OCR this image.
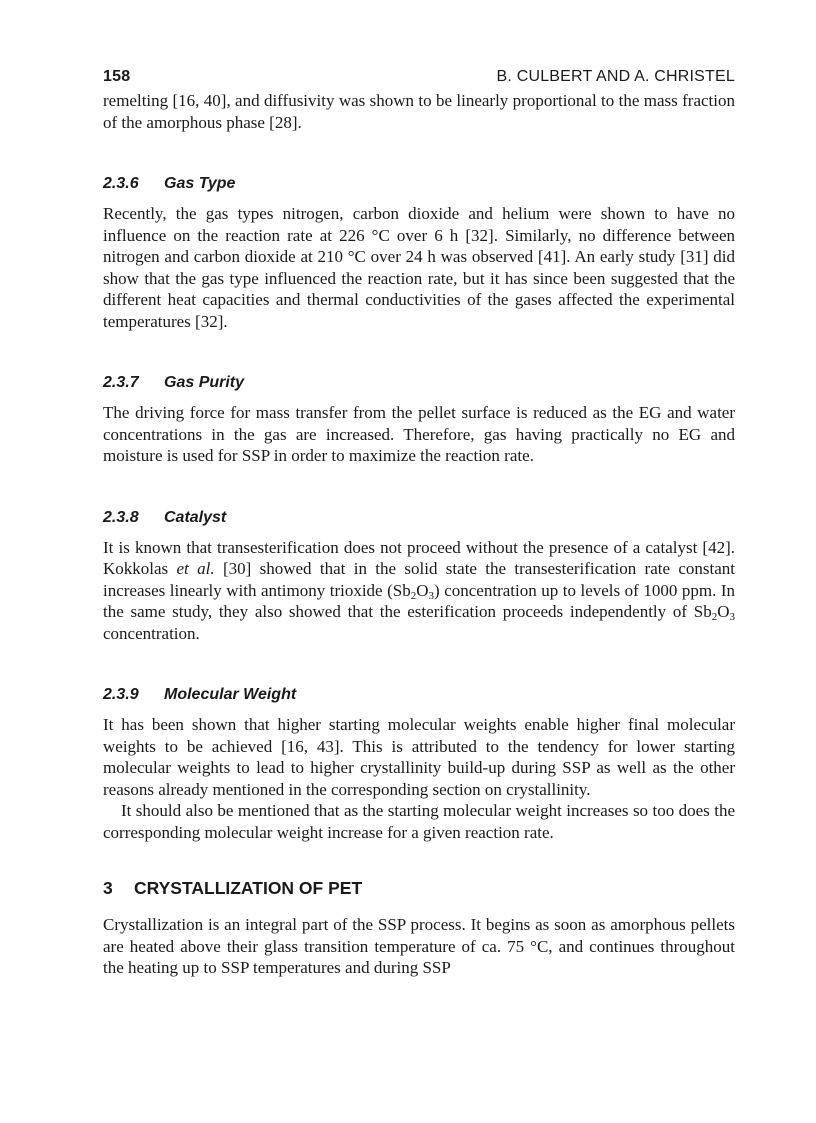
158	B. CULBERT AND A. CHRISTEL

remelting [16, 40], and diffusivity was shown to be linearly proportional to the mass fraction of the amorphous phase [28].

2.3.6 Gas Type

Recently, the gas types nitrogen, carbon dioxide and helium were shown to have no influence on the reaction rate at 226 °C over 6 h [32]. Similarly, no difference between nitrogen and carbon dioxide at 210 °C over 24 h was observed [41]. An early study [31] did show that the gas type influenced the reaction rate, but it has since been suggested that the different heat capacities and thermal conductivities of the gases affected the experimental temperatures [32].

2.3.7 Gas Purity

The driving force for mass transfer from the pellet surface is reduced as the EG and water concentrations in the gas are increased. Therefore, gas having practically no EG and moisture is used for SSP in order to maximize the reaction rate.

2.3.8 Catalyst

It is known that transesterification does not proceed without the presence of a catalyst [42]. Kokkolas et al. [30] showed that in the solid state the transesterification rate constant increases linearly with antimony trioxide $(Sb_2O_3)$ concentration up to levels of 1000 ppm. In the same study, they also showed that the esterification proceeds independently of $Sb_2O_3$ concentration.

2.3.9 Molecular Weight

It has been shown that higher starting molecular weights enable higher final molecular weights to be achieved [16, 43]. This is attributed to the tendency for lower starting molecular weights to lead to higher crystallinity build-up during SSP as well as the other reasons already mentioned in the corresponding section on crystallinity.

It should also be mentioned that as the starting molecular weight increases so too does the corresponding molecular weight increase for a given reaction rate.

3 CRYSTALLIZATION OF PET

Crystallization is an integral part of the SSP process. It begins as soon as amorphous pellets are heated above their glass transition temperature of ca. 75 °C, and continues throughout the heating up to SSP temperatures and during SSP
